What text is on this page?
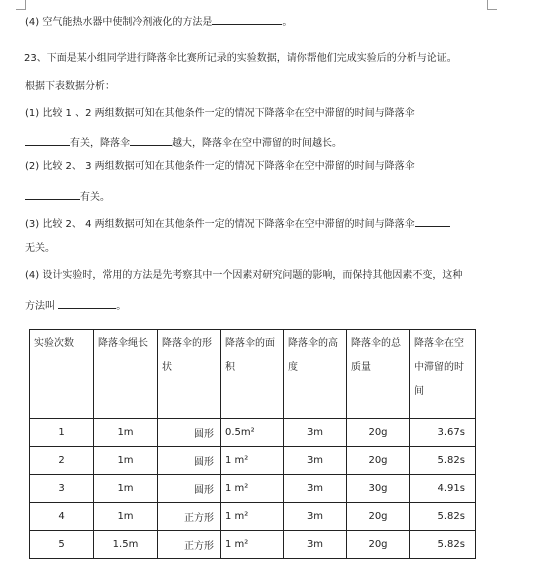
(4) 空气能热水器中使制冷剂液化的方法是	。
23、下面是某小组同学进行降落伞比赛所记录的实验数据，请你帮他们完成实验后的分析与论证。
根据下表数据分析：
(1) 比较 1 、2 两组数据可知在其他条件一定的情况下降落伞在空中滞留的时间与降落伞
有关，降落伞	越大，降落伞在空中滞留的时间越长。
(2) 比较 2、 3 两组数据可知在其他条件一定的情况下降落伞在空中滞留的时间与降落伞
有关。
(3) 比较 2、 4 两组数据可知在其他条件一定的情况下降落伞在空中滞留的时间与降落伞
无关。
(4) 设计实验时，常用的方法是先考察其中一个因素对研究问题的影响，而保持其他因素不变，这种
方法叫	。
实验次数	降落伞绳长	降落伞的形状	降落伞的面积	降落伞的高度	降落伞的总质量	降落伞在空中滞留的时间
1	1m	圆形	0.5m²	3m	20g	3.67s
2	1m	圆形	1 m²	3m	20g	5.82s
3	1m	圆形	1 m²	3m	30g	4.91s
4	1m	正方形	1 m²	3m	20g	5.82s
5	1.5m	正方形	1 m²	3m	20g	5.82s
